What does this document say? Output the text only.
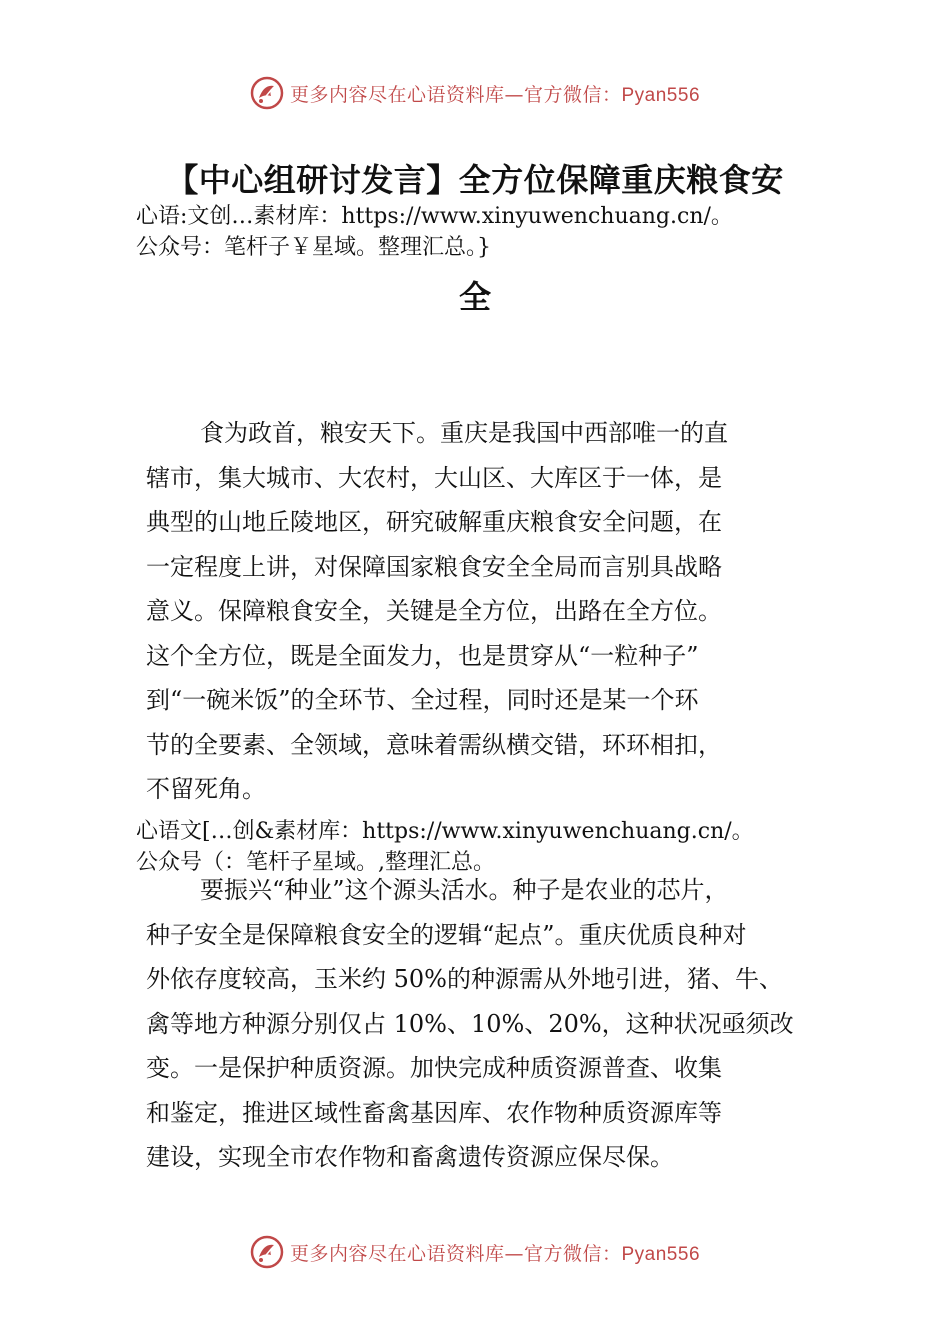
更多内容尽在心语资料库—官方微信：Pyan556
【中心组研讨发言】全方位保障重庆粮食安
心语:文创…素材库：https://www.xinyuwenchuang.cn/。
公众号：笔杆子￥星域。整理汇总。}
全
食为政首，粮安天下。重庆是我国中西部唯一的直
辖市，集大城市、大农村，大山区、大库区于一体，是
典型的山地丘陵地区，研究破解重庆粮食安全问题，在
一定程度上讲，对保障国家粮食安全全局而言别具战略
意义。保障粮食安全，关键是全方位，出路在全方位。
这个全方位，既是全面发力，也是贯穿从“一粒种子”
到“一碗米饭”的全环节、全过程，同时还是某一个环
节的全要素、全领域，意味着需纵横交错，环环相扣，
不留死角。
心语文[…创&素材库：https://www.xinyuwenchuang.cn/。
公众号（：笔杆子星域。,整理汇总。
要振兴“种业”这个源头活水。种子是农业的芯片，
种子安全是保障粮食安全的逻辑“起点”。重庆优质良种对
外依存度较高，玉米约 50%的种源需从外地引进，猪、牛、
禽等地方种源分别仅占 10%、10%、20%，这种状况亟须改
变。一是保护种质资源。加快完成种质资源普查、收集
和鉴定，推进区域性畜禽基因库、农作物种质资源库等
建设，实现全市农作物和畜禽遗传资源应保尽保。
更多内容尽在心语资料库—官方微信：Pyan556
